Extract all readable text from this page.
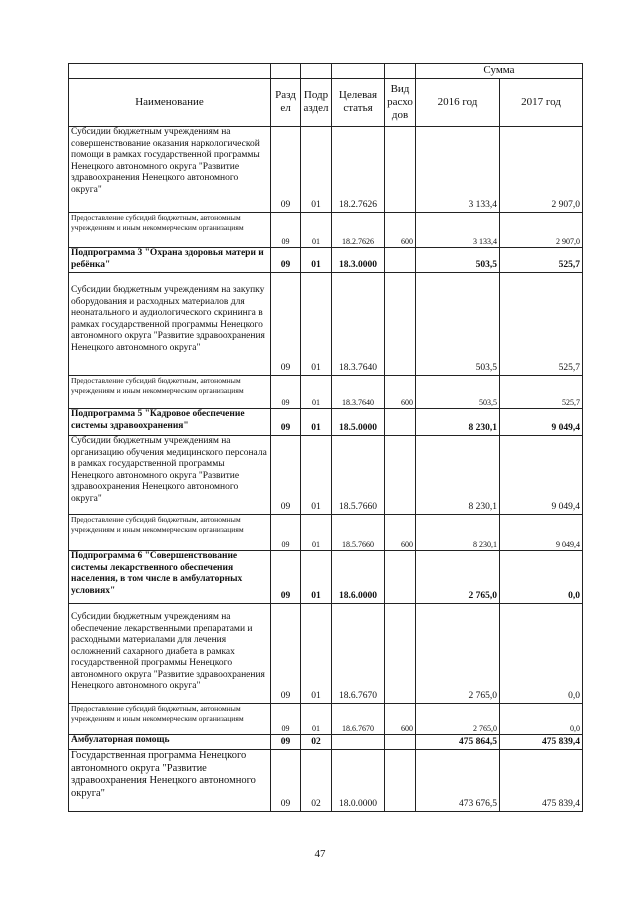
					Сумма	
Наименование	Разд ел	Подр аздел	Целевая статья	Вид расхо дов	2016 год	2017 год
Субсидии бюджетным учреждениям на совершенствование оказания наркологической помощи в рамках государственной программы Ненецкого автономного округа "Развитие здравоохранения Ненецкого автономного округа"	09	01	18.2.7626		3 133,4	2 907,0
Предоставление субсидий бюджетным, автономным учреждениям и иным некоммерческим организациям	09	01	18.2.7626	600	3 133,4	2 907,0
Подпрограмма 3 "Охрана здоровья матери и ребёнка"	09	01	18.3.0000		503,5	525,7
Субсидии бюджетным учреждениям на закупку оборудования и расходных материалов для неонатального и аудиологического скрининга в рамках государственной программы Ненецкого автономного округа "Развитие здравоохранения Ненецкого автономного округа"	09	01	18.3.7640		503,5	525,7
Предоставление субсидий бюджетным, автономным учреждениям и иным некоммерческим организациям	09	01	18.3.7640	600	503,5	525,7
Подпрограмма 5 "Кадровое обеспечение системы здравоохранения"	09	01	18.5.0000		8 230,1	9 049,4
Субсидии бюджетным учреждениям на организацию обучения медицинского персонала в рамках государственной программы Ненецкого автономного округа "Развитие здравоохранения Ненецкого автономного округа"	09	01	18.5.7660		8 230,1	9 049,4
Предоставление субсидий бюджетным, автономным учреждениям и иным некоммерческим организациям	09	01	18.5.7660	600	8 230,1	9 049,4
Подпрограмма 6 "Совершенствование системы лекарственного обеспечения населения, в том числе в амбулаторных условиях"	09	01	18.6.0000		2 765,0	0,0
Субсидии бюджетным учреждениям на обеспечение лекарственными препаратами и расходными материалами для лечения осложнений сахарного диабета в рамках государственной программы Ненецкого автономного округа "Развитие здравоохранения Ненецкого автономного округа"	09	01	18.6.7670		2 765,0	0,0
Предоставление субсидий бюджетным, автономным учреждениям и иным некоммерческим организациям	09	01	18.6.7670	600	2 765,0	0,0
Амбулаторная помощь	09	02			475 864,5	475 839,4
Государственная программа Ненецкого автономного округа "Развитие здравоохранения Ненецкого автономного округа"	09	02	18.0.0000		473 676,5	475 839,4
47
